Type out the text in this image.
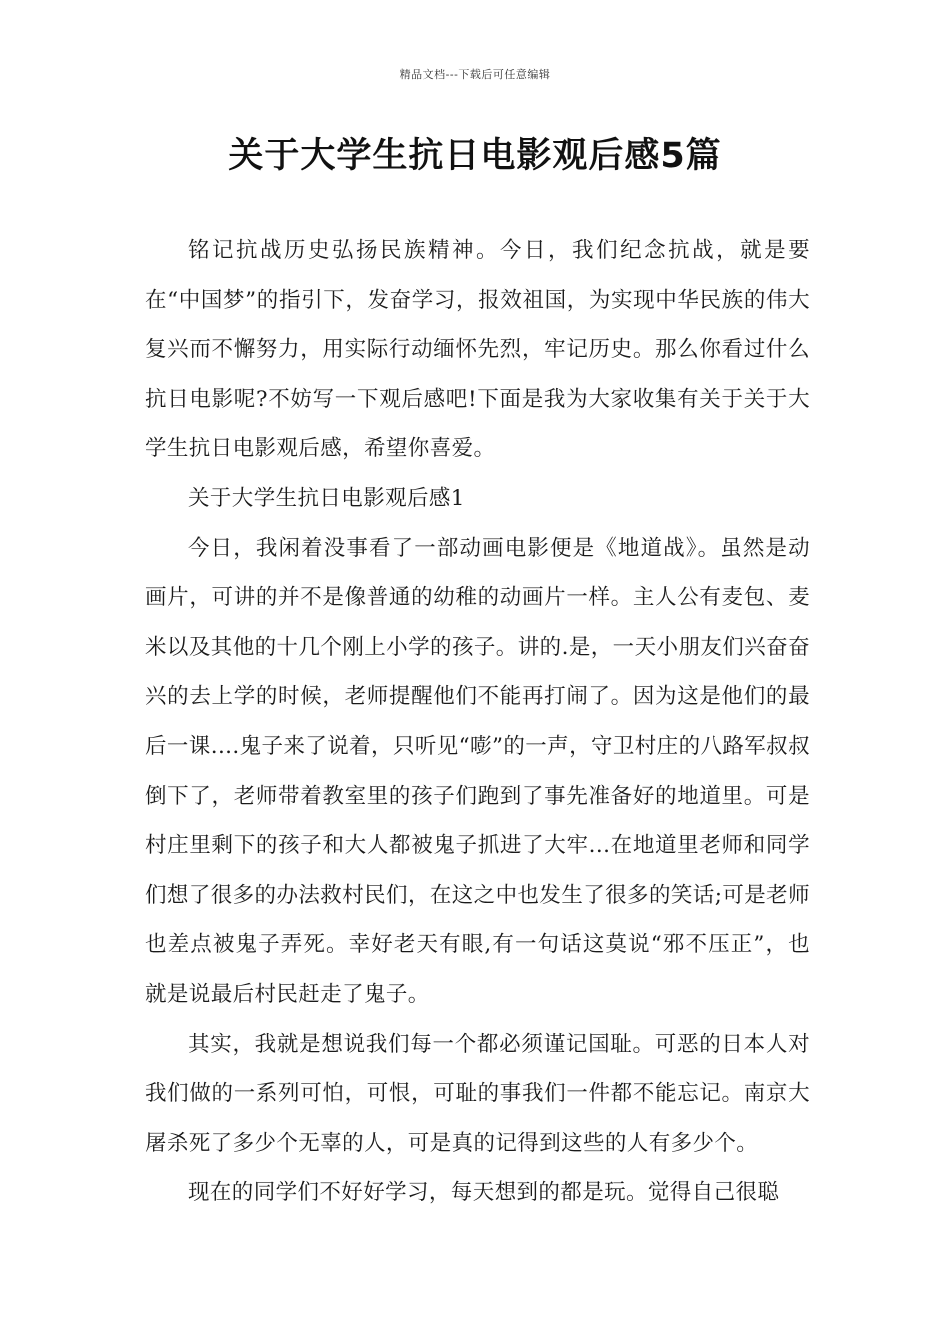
精品文档---下载后可任意编辑
关于大学生抗日电影观后感5篇

铭记抗战历史弘扬民族精神。今日，我们纪念抗战，就是要在“中国梦”的指引下，发奋学习，报效祖国，为实现中华民族的伟大复兴而不懈努力，用实际行动缅怀先烈，牢记历史。那么你看过什么抗日电影呢?不妨写一下观后感吧!下面是我为大家收集有关于关于大学生抗日电影观后感，希望你喜爱。

关于大学生抗日电影观后感1

今日，我闲着没事看了一部动画电影便是《地道战》。虽然是动画片，可讲的并不是像普通的幼稚的动画片一样。主人公有麦包、麦米以及其他的十几个刚上小学的孩子。讲的.是，一天小朋友们兴奋奋兴的去上学的时候，老师提醒他们不能再打闹了。因为这是他们的最后一课....鬼子来了说着，只听见“嘭”的一声，守卫村庄的八路军叔叔倒下了，老师带着教室里的孩子们跑到了事先准备好的地道里。可是村庄里剩下的孩子和大人都被鬼子抓进了大牢...在地道里老师和同学们想了很多的办法救村民们，在这之中也发生了很多的笑话;可是老师也差点被鬼子弄死。幸好老天有眼,有一句话这莫说“邪不压正”，也就是说最后村民赶走了鬼子。

其实，我就是想说我们每一个都必须谨记国耻。可恶的日本人对我们做的一系列可怕，可恨，可耻的事我们一件都不能忘记。南京大屠杀死了多少个无辜的人，可是真的记得到这些的人有多少个。

现在的同学们不好好学习，每天想到的都是玩。觉得自己很聪
